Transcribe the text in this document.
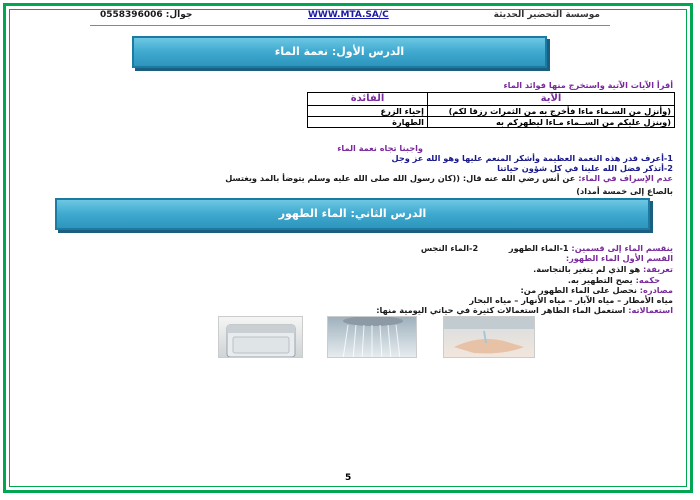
جوال: 0558396006	WWW.MTA.SA/C	موسسة التحضير الحديثة
الدرس الأول: نعمة الماء
أقرأ الآيات الآتية واستخرج منها فوائد الماء
الآية	الفائدة
(وأنزل من السـماء ماءا فأخرج به من الثمرات رزقا لكم)	إحياء الزرع
(وينزل عليكم من الســماء مـاءا ليطهركم به	الطهارة
واجبنا تجاه نعمة الماء
1-أعرف قدر هذه النعمة العظيمة وأشكر المنعم عليها وهو الله عز وجل
2-أتذكر فضل الله علينا في كل شؤون حياتنا
عدم الإسراف في الماء: عن أنس رضي الله عنه قال: ((كان رسول الله صلى الله عليه وسلم يتوضأ بالمد ويغتسل
بالصاع إلى خمسة أمداد)
الدرس الثاني: الماء الطهور
ينقسم الماء إلى قسمين: 1-الماء الطهور  2-الماء النجس
القسم الأول الماء الطهور:
تعريفة: هو الذي لم يتغير بالنجاسة.
حكمه: يصح التطهير به.
مصادره: نحصل على الماء الطهور من:
مياه الأمطار – مياه الآبار – مياه الأنهار – مياه البحار
استعمالاته: استعمل الماء الطاهر استعمالات كثيرة في حياتي اليومية منها:
5
